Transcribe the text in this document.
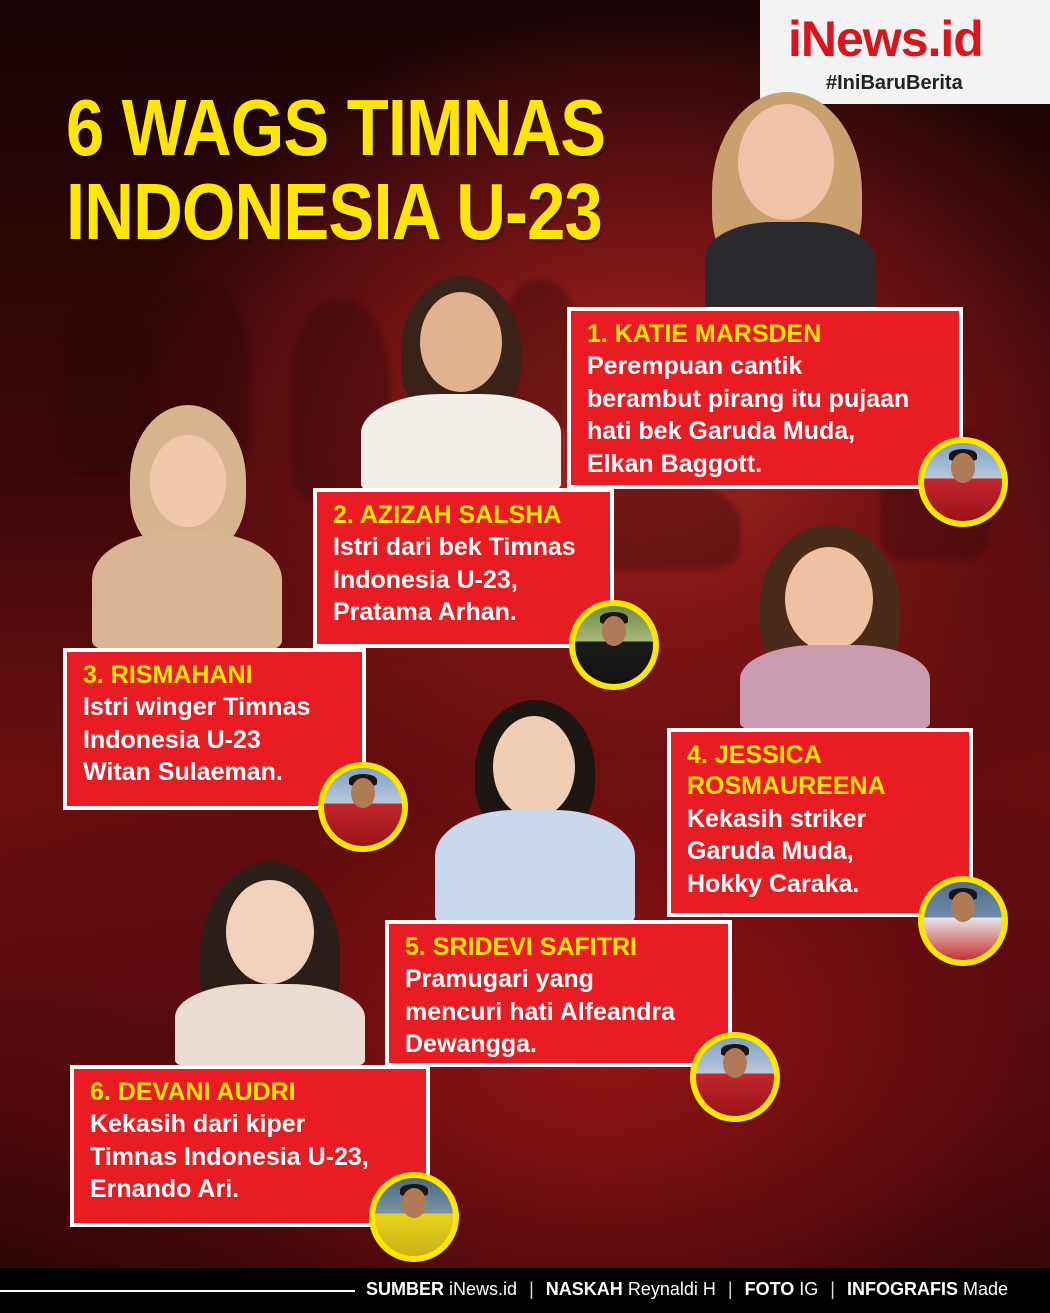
iNews.id
#IniBaruBerita
6 WAGS TIMNAS
INDONESIA U-23
1. KATIE MARSDEN
Perempuan cantik
berambut pirang itu pujaan
hati bek Garuda Muda,
Elkan Baggott.
2. AZIZAH SALSHA
Istri dari bek Timnas
Indonesia U-23,
Pratama Arhan.
3. RISMAHANI
Istri winger Timnas
Indonesia U-23
Witan Sulaeman.
4. JESSICA
ROSMAUREENA
Kekasih striker
Garuda Muda,
Hokky Caraka.
5. SRIDEVI SAFITRI
Pramugari yang
mencuri hati Alfeandra
Dewangga.
6. DEVANI AUDRI
Kekasih dari kiper
Timnas Indonesia U-23,
Ernando Ari.
SUMBER iNews.id | NASKAH Reynaldi H | FOTO IG | INFOGRAFIS Made
